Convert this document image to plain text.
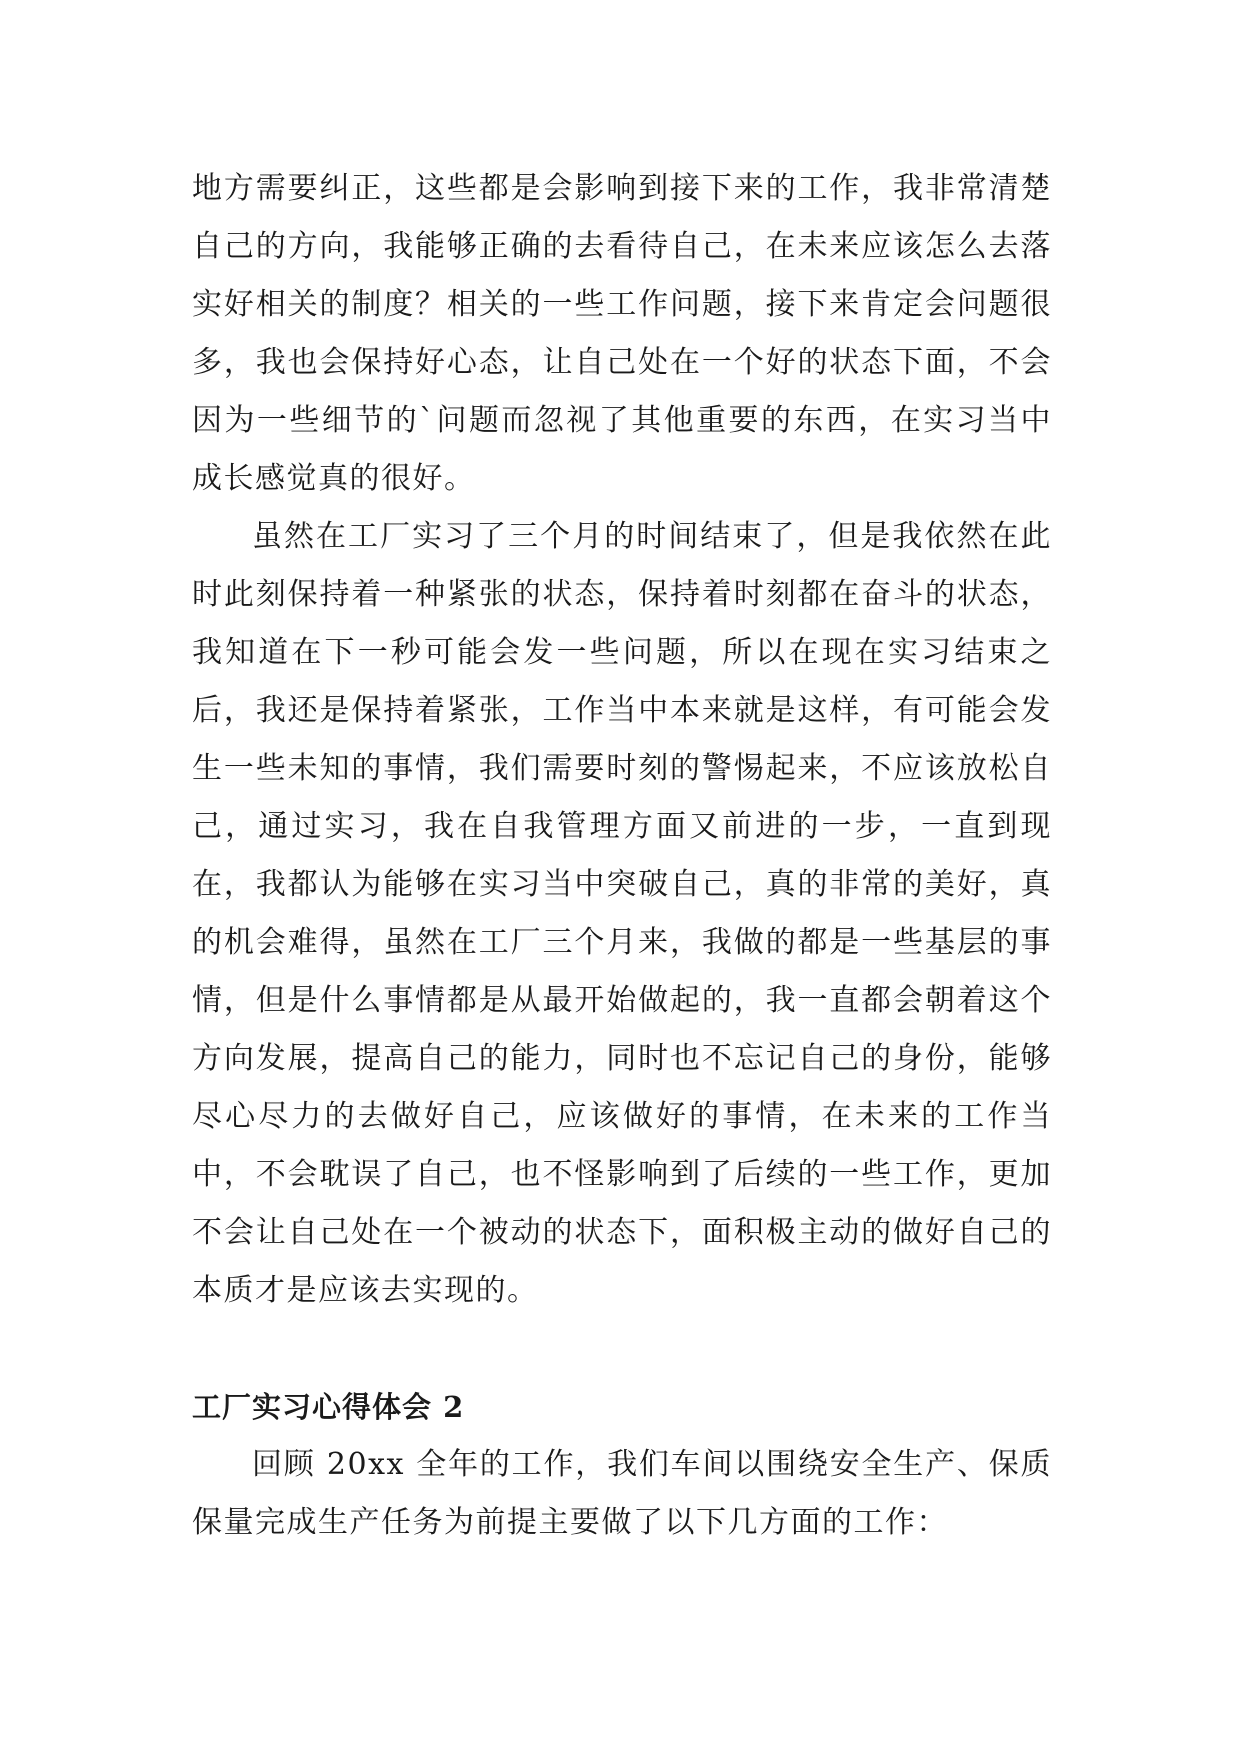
地方需要纠正，这些都是会影响到接下来的工作，我非常清楚自己的方向，我能够正确的去看待自己，在未来应该怎么去落实好相关的制度？相关的一些工作问题，接下来肯定会问题很多，我也会保持好心态，让自己处在一个好的状态下面，不会因为一些细节的`问题而忽视了其他重要的东西，在实习当中成长感觉真的很好。

虽然在工厂实习了三个月的时间结束了，但是我依然在此时此刻保持着一种紧张的状态，保持着时刻都在奋斗的状态，我知道在下一秒可能会发一些问题，所以在现在实习结束之后，我还是保持着紧张，工作当中本来就是这样，有可能会发生一些未知的事情，我们需要时刻的警惕起来，不应该放松自己，通过实习，我在自我管理方面又前进的一步，一直到现在，我都认为能够在实习当中突破自己，真的非常的美好，真的机会难得，虽然在工厂三个月来，我做的都是一些基层的事情，但是什么事情都是从最开始做起的，我一直都会朝着这个方向发展，提高自己的能力，同时也不忘记自己的身份，能够尽心尽力的去做好自己，应该做好的事情，在未来的工作当中，不会耽误了自己，也不怪影响到了后续的一些工作，更加不会让自己处在一个被动的状态下，面积极主动的做好自己的本质才是应该去实现的。

工厂实习心得体会 2

回顾 20xx 全年的工作，我们车间以围绕安全生产、保质保量完成生产任务为前提主要做了以下几方面的工作：
